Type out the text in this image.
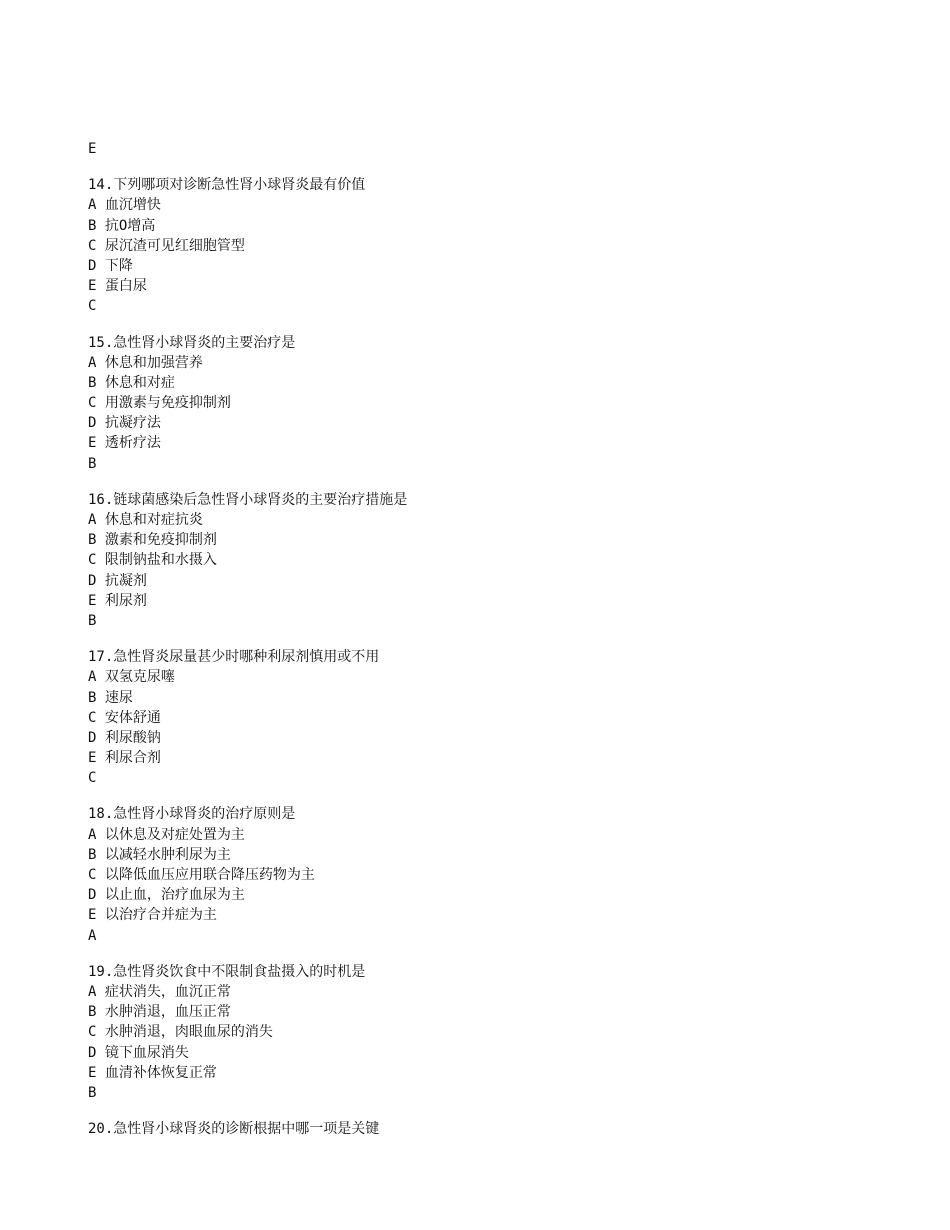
E
14.下列哪项对诊断急性肾小球肾炎最有价值
A 血沉增快
B 抗O增高
C 尿沉渣可见红细胞管型
D 下降
E 蛋白尿
C
15.急性肾小球肾炎的主要治疗是
A 休息和加强营养
B 休息和对症
C 用激素与免疫抑制剂
D 抗凝疗法
E 透析疗法
B
16.链球菌感染后急性肾小球肾炎的主要治疗措施是
A 休息和对症抗炎
B 激素和免疫抑制剂
C 限制钠盐和水摄入
D 抗凝剂
E 利尿剂
B
17.急性肾炎尿量甚少时哪种利尿剂慎用或不用
A 双氢克尿噻
B 速尿
C 安体舒通
D 利尿酸钠
E 利尿合剂
C
18.急性肾小球肾炎的治疗原则是
A 以休息及对症处置为主
B 以减轻水肿利尿为主
C 以降低血压应用联合降压药物为主
D 以止血，治疗血尿为主
E 以治疗合并症为主
A
19.急性肾炎饮食中不限制食盐摄入的时机是
A 症状消失，血沉正常
B 水肿消退，血压正常
C 水肿消退，肉眼血尿的消失
D 镜下血尿消失
E 血清补体恢复正常
B
20.急性肾小球肾炎的诊断根据中哪一项是关键
